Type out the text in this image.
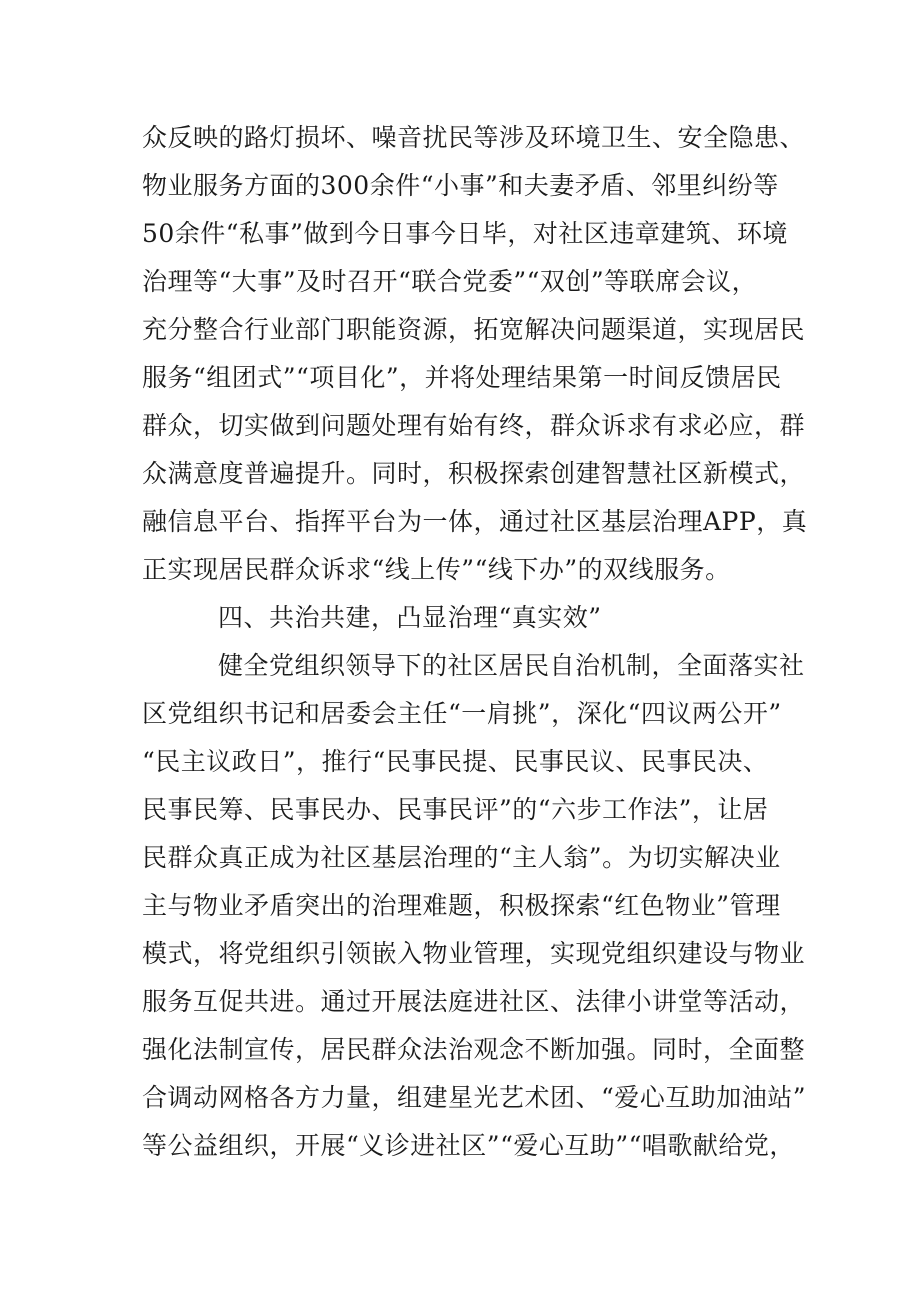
众反映的路灯损坏、噪音扰民等涉及环境卫生、安全隐患、
物业服务方面的300余件“小事”和夫妻矛盾、邻里纠纷等
50余件“私事”做到今日事今日毕，对社区违章建筑、环境
治理等“大事”及时召开“联合党委”“双创”等联席会议，
充分整合行业部门职能资源，拓宽解决问题渠道，实现居民
服务“组团式”“项目化”，并将处理结果第一时间反馈居民
群众，切实做到问题处理有始有终，群众诉求有求必应，群
众满意度普遍提升。同时，积极探索创建智慧社区新模式，
融信息平台、指挥平台为一体，通过社区基层治理APP，真
正实现居民群众诉求“线上传”“线下办”的双线服务。
四、共治共建，凸显治理“真实效”
健全党组织领导下的社区居民自治机制，全面落实社
区党组织书记和居委会主任“一肩挑”，深化“四议两公开”
“民主议政日”，推行“民事民提、民事民议、民事民决、
民事民筹、民事民办、民事民评”的“六步工作法”，让居
民群众真正成为社区基层治理的“主人翁”。为切实解决业
主与物业矛盾突出的治理难题，积极探索“红色物业”管理
模式，将党组织引领嵌入物业管理，实现党组织建设与物业
服务互促共进。通过开展法庭进社区、法律小讲堂等活动，
强化法制宣传，居民群众法治观念不断加强。同时，全面整
合调动网格各方力量，组建星光艺术团、“爱心互助加油站”
等公益组织，开展“义诊进社区”“爱心互助”“唱歌献给党，
